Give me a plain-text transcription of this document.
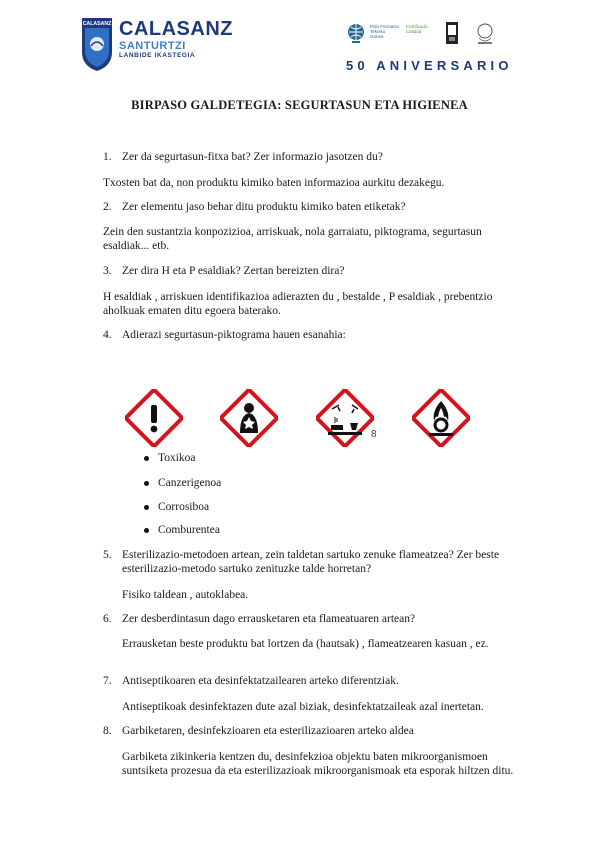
CALASANZ CALASANZ
SANTURTZI
LANBIDE IKASTEGIA
Pólo Formazio Tekniko Gunea
Certificado Calidad
50 ANIVERSARIO
BIRPASO GALDETEGIA: SEGURTASUN ETA HIGIENEA
1. Zer da segurtasun-fitxa bat? Zer informazio jasotzen du?
Txosten bat da, non produktu kimiko baten informazioa aurkitu dezakegu.
2. Zer elementu jaso behar ditu produktu kimiko baten etiketak?
Zein den sustantzia konpozizioa, arriskuak, nola garraiatu, piktograma, segurtasun
esaldiak... etb.
3. Zer dira H eta P esaldiak? Zertan bereizten dira?
H esaldiak , arriskuen identifikazioa adierazten du , bestalde , P esaldiak , prebentzio
aholkuak ematen ditu egoera baterako.
4. Adierazi segurtasun-piktograma hauen esanahia:
8
Toxikoa
Canzerigenoa
Corrosiboa
Comburentea
5. Esterilizazio-metodoen artean, zein taldetan sartuko zenuke flameatzea? Zer beste
esterilizazio-metodo sartuko zenituzke talde horretan?
Fisiko taldean , autoklabea.
6. Zer desberdintasun dago errausketaren eta flameatuaren artean?
Errausketan beste produktu bat lortzen da (hautsak) , flameatzearen kasuan , ez.
7. Antiseptikoaren eta desinfektatzailearen arteko diferentziak.
Antiseptikoak desinfektazen dute azal biziak, desinfektatzaileak azal inertetan.
8. Garbiketaren, desinfekzioaren eta esterilizazioaren arteko aldea
Garbiketa zikinkeria kentzen du, desinfekzioa objektu baten mikroorganismoen
suntsiketa prozesua da eta esterilizazioak mikroorganismoak eta esporak hiltzen ditu.
